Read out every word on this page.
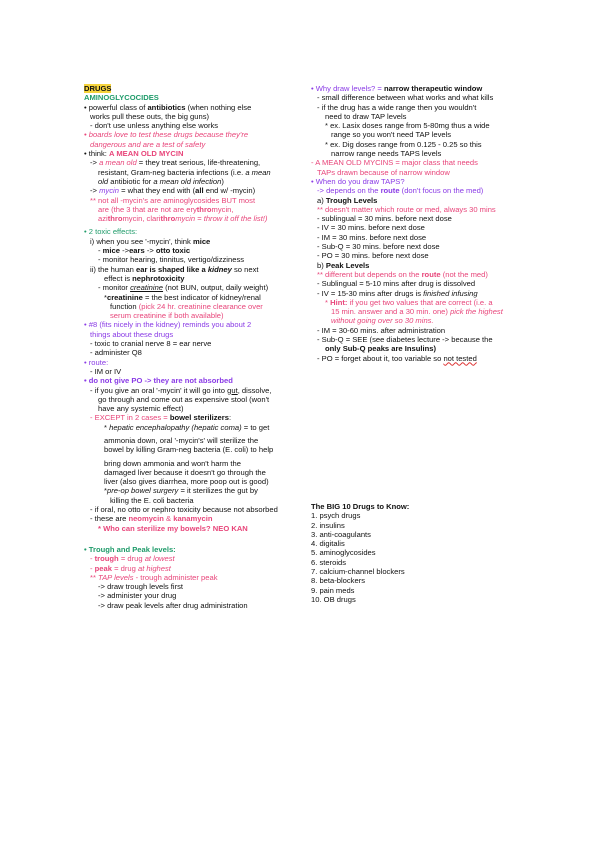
DRUGS
AMINOGLYCOCIDES
• powerful class of antibiotics (when nothing else
works pull these outs, the big guns)
- don't use unless anything else works
• boards love to test these drugs because they're
dangerous and are a test of safety
• think: A MEAN OLD MYCIN
-> a mean old = they treat serious, life-threatening,
resistant, Gram-neg bacteria infections (i.e. a mean
old antibiotic for a mean old infection)
-> mycin = what they end with (all end w/ -mycin)
** not all -mycin's are aminoglycosides BUT most
are (the 3 that are not are erythromycin,
azithromycin, clarithromycin = throw it off the list!)
• 2 toxic effects:
i) when you see '-mycin', think mice
- mice ->ears -> otto toxic
- monitor hearing, tinnitus, vertigo/dizziness
ii) the human ear is shaped like a kidney so next
effect is nephrotoxicity
- monitor creatinine (not BUN, output, daily weight)
*creatinine = the best indicator of kidney/renal
function (pick 24 hr. creatinine clearance over
serum creatinine if both available)
• #8 (fits nicely in the kidney) reminds you about 2
things about these drugs
- toxic to cranial nerve 8 = ear nerve
- administer Q8
• route:
- IM or IV
• do not give PO -> they are not absorbed
- if you give an oral '-mycin' it will go into gut, dissolve,
go through and come out as expensive stool (won't
have any systemic effect)
- EXCEPT in 2 cases = bowel sterilizers:
* hepatic encephalopathy (hepatic coma) = to get
ammonia down, oral '-mycin's' will sterilize the
bowel by killing Gram-neg bacteria (E. coli) to help
bring down ammonia and won't harm the
damaged liver because it doesn't go through the
liver (also gives diarrhea, more poop out is good)
*pre-op bowel surgery = it sterilizes the gut by
killing the E. coli bacteria
- if oral, no otto or nephro toxicity because not absorbed
- these are neomycin & kanamycin
* Who can sterilize my bowels? NEO KAN
• Trough and Peak levels:
- trough = drug at lowest
- peak = drug at highest
** TAP levels - trough administer peak
-> draw trough levels first
-> administer your drug
-> draw peak levels after drug administration
• Why draw levels? = narrow therapeutic window
- small difference between what works and what kills
- if the drug has a wide range then you wouldn't
need to draw TAP levels
* ex. Lasix doses range from 5-80mg thus a wide
range so you won't need TAP levels
* ex. Dig doses range from 0.125 - 0.25 so this
narrow range needs TAPS levels
- A MEAN OLD MYCINS = major class that needs
TAPs drawn because of narrow window
• When do you draw TAPS?
-> depends on the route (don't focus on the med)
a) Trough Levels
** doesn't matter which route or med, always 30 mins
- sublingual = 30 mins. before next dose
- IV = 30 mins. before next dose
- IM = 30 mins. before next dose
- Sub-Q = 30 mins. before next dose
- PO = 30 mins. before next dose
b) Peak Levels
** different but depends on the route (not the med)
- Sublingual = 5-10 mins after drug is dissolved
- IV = 15-30 mins after drugs is finished infusing
* Hint: if you get two values that are correct (i.e. a
15 min. answer and a 30 min. one) pick the highest
without going over so 30 mins.
- IM = 30-60 mins. after administration
- Sub-Q = SEE (see diabetes lecture -> because the
only Sub-Q peaks are Insulins)
- PO = forget about it, too variable so not tested
The BIG 10 Drugs to Know:
1. psych drugs
2. insulins
3. anti-coagulants
4. digitalis
5. aminoglycosides
6. steroids
7. calcium-channel blockers
8. beta-blockers
9. pain meds
10. OB drugs
